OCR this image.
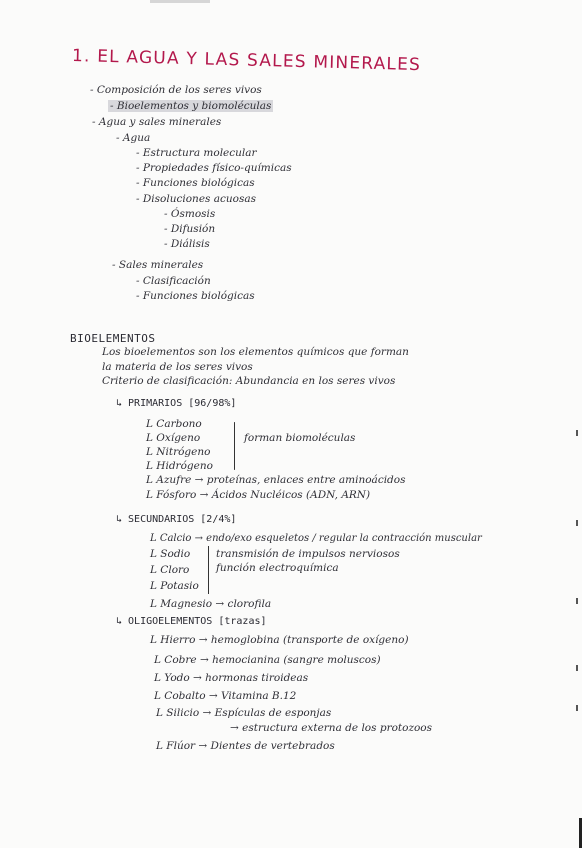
1. EL AGUA Y LAS SALES MINERALES
- Composición de los seres vivos
- Bioelementos y biomoléculas
- Agua y sales minerales
- Agua
- Estructura molecular
- Propiedades físico-químicas
- Funciones biológicas
- Disoluciones acuosas
- Ósmosis
- Difusión
- Diálisis
- Sales minerales
- Clasificación
- Funciones biológicas
BIOELEMENTOS
Los bioelementos son los elementos químicos que forman
la materia de los seres vivos
Criterio de clasificación: Abundancia en los seres vivos
↳ PRIMARIOS [96/98%]
L Carbono
L Oxígeno
L Nitrógeno
L Hidrógeno
forman biomoléculas
L Azufre → proteínas, enlaces entre aminoácidos
L Fósforo → Ácidos Nucléicos (ADN, ARN)
↳ SECUNDARIOS [2/4%]
L Calcio → endo/exo esqueletos / regular la contracción muscular
L Sodio
L Cloro
L Potasio
transmisión de impulsos nerviosos
función electroquímica
L Magnesio → clorofila
↳ OLIGOELEMENTOS [trazas]
L Hierro → hemoglobina (transporte de oxígeno)
L Cobre → hemocianina (sangre moluscos)
L Yodo → hormonas tiroideas
L Cobalto → Vitamina B.12
L Silicio → Espículas de esponjas
→ estructura externa de los protozoos
L Flúor → Dientes de vertebrados
